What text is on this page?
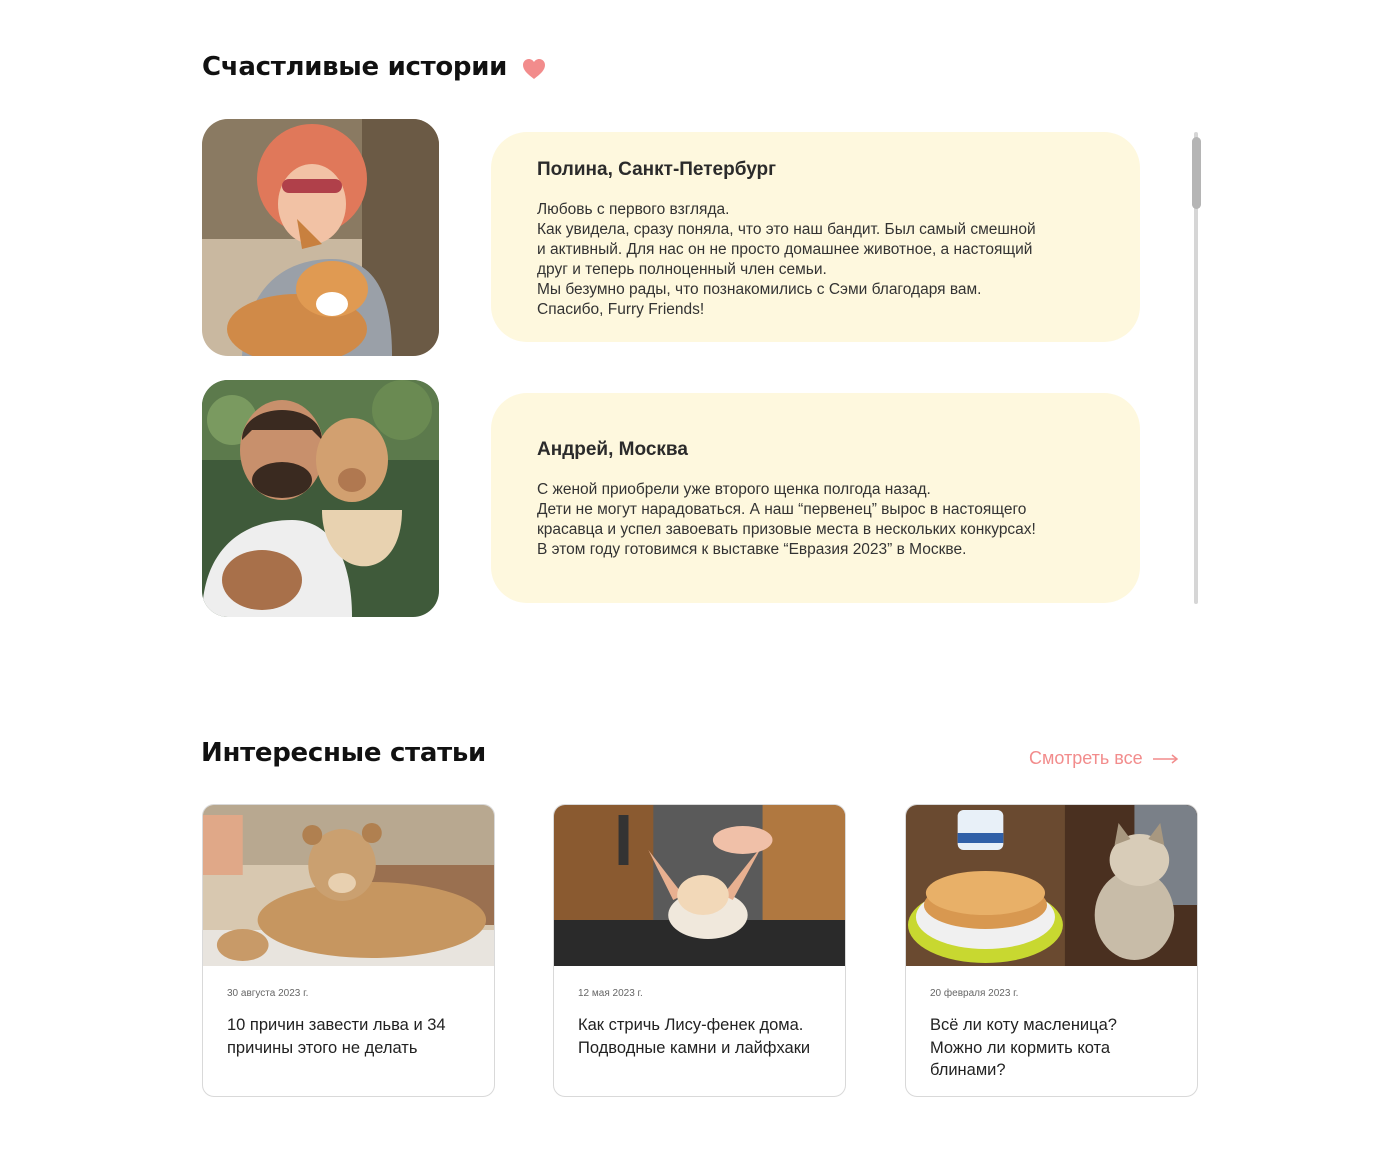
Счастливые истории
Полина, Санкт-Петербург
Любовь с первого взгляда.
Как увидела, сразу поняла, что это наш бандит. Был самый смешной
и активный. Для нас он не просто домашнее животное, а настоящий
друг и теперь полноценный член семьи.
Мы безумно рады, что познакомились с Сэми благодаря вам.
Спасибо, Furry Friends!
Андрей, Москва
С женой приобрели уже второго щенка полгода назад.
Дети не могут нарадоваться. А наш “первенец” вырос в настоящего
красавца и успел завоевать призовые места в нескольких конкурсах!
В этом году готовимся к выставке “Евразия 2023” в Москве.
Интересные статьи	Смотреть все
30 августа 2023 г.
10 причин завести льва и 34 причины этого не делать
12 мая 2023 г.
Как стричь Лису-фенек дома. Подводные камни и лайфхаки
20 февраля 2023 г.
Всё ли коту масленица? Можно ли кормить кота блинами?
